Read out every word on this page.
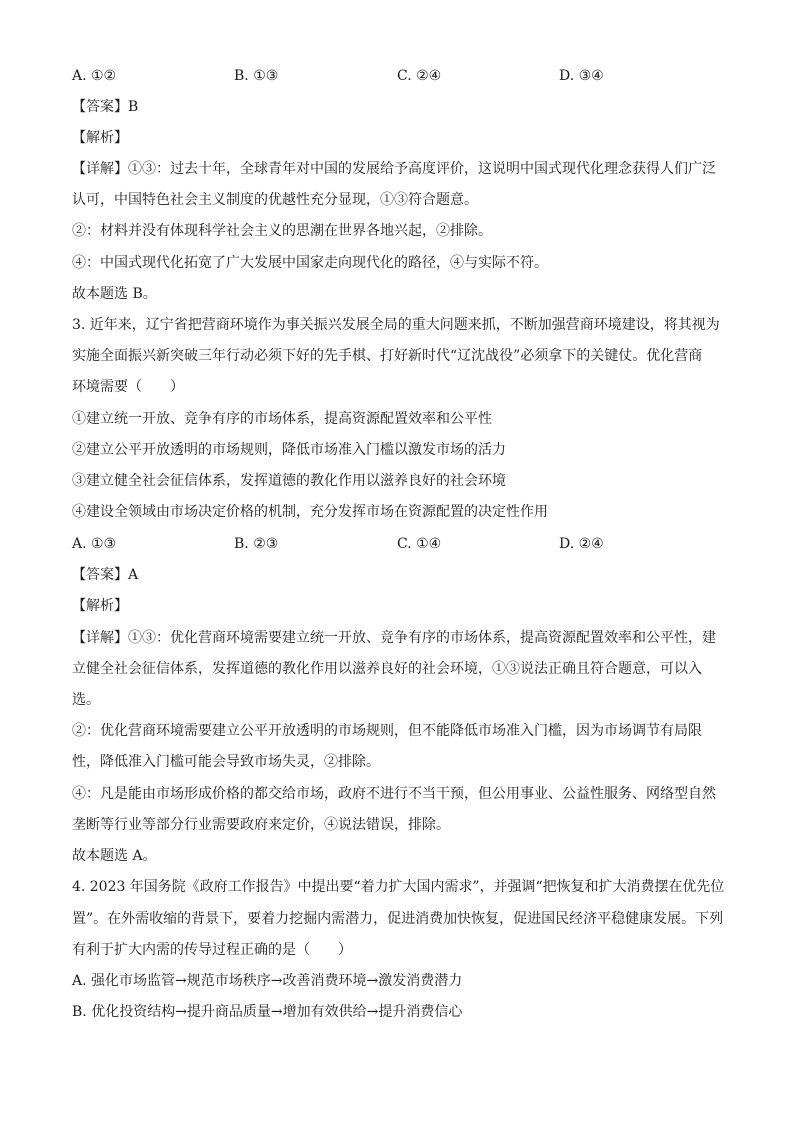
A. ①②	B. ①③	C. ②④	D. ③④
【答案】B
【解析】
【详解】①③：过去十年，全球青年对中国的发展给予高度评价，这说明中国式现代化理念获得人们广泛
认可，中国特色社会主义制度的优越性充分显现，①③符合题意。
②：材料并没有体现科学社会主义的思潮在世界各地兴起，②排除。
④：中国式现代化拓宽了广大发展中国家走向现代化的路径，④与实际不符。
故本题选 B。
3. 近年来，辽宁省把营商环境作为事关振兴发展全局的重大问题来抓，不断加强营商环境建设，将其视为
实施全面振兴新突破三年行动必须下好的先手棋、打好新时代“辽沈战役”必须拿下的关键仗。优化营商
环境需要（　　）
①建立统一开放、竞争有序的市场体系，提高资源配置效率和公平性
②建立公平开放透明的市场规则，降低市场准入门槛以激发市场的活力
③建立健全社会征信体系，发挥道德的教化作用以滋养良好的社会环境
④建设全领域由市场决定价格的机制，充分发挥市场在资源配置的决定性作用
A. ①③	B. ②③	C. ①④	D. ②④
【答案】A
【解析】
【详解】①③：优化营商环境需要建立统一开放、竞争有序的市场体系，提高资源配置效率和公平性，建
立健全社会征信体系，发挥道德的教化作用以滋养良好的社会环境，①③说法正确且符合题意，可以入
选。
②：优化营商环境需要建立公平开放透明的市场规则，但不能降低市场准入门槛，因为市场调节有局限
性，降低准入门槛可能会导致市场失灵，②排除。
④：凡是能由市场形成价格的都交给市场，政府不进行不当干预，但公用事业、公益性服务、网络型自然
垄断等行业等部分行业需要政府来定价，④说法错误，排除。
故本题选 A。
4. 2023 年国务院《政府工作报告》中提出要“着力扩大国内需求”，并强调“把恢复和扩大消费摆在优先位
置”。在外需收缩的背景下，要着力挖掘内需潜力，促进消费加快恢复，促进国民经济平稳健康发展。下列
有利于扩大内需的传导过程正确的是（　　）
A. 强化市场监管→规范市场秩序→改善消费环境→激发消费潜力
B. 优化投资结构→提升商品质量→增加有效供给→提升消费信心
